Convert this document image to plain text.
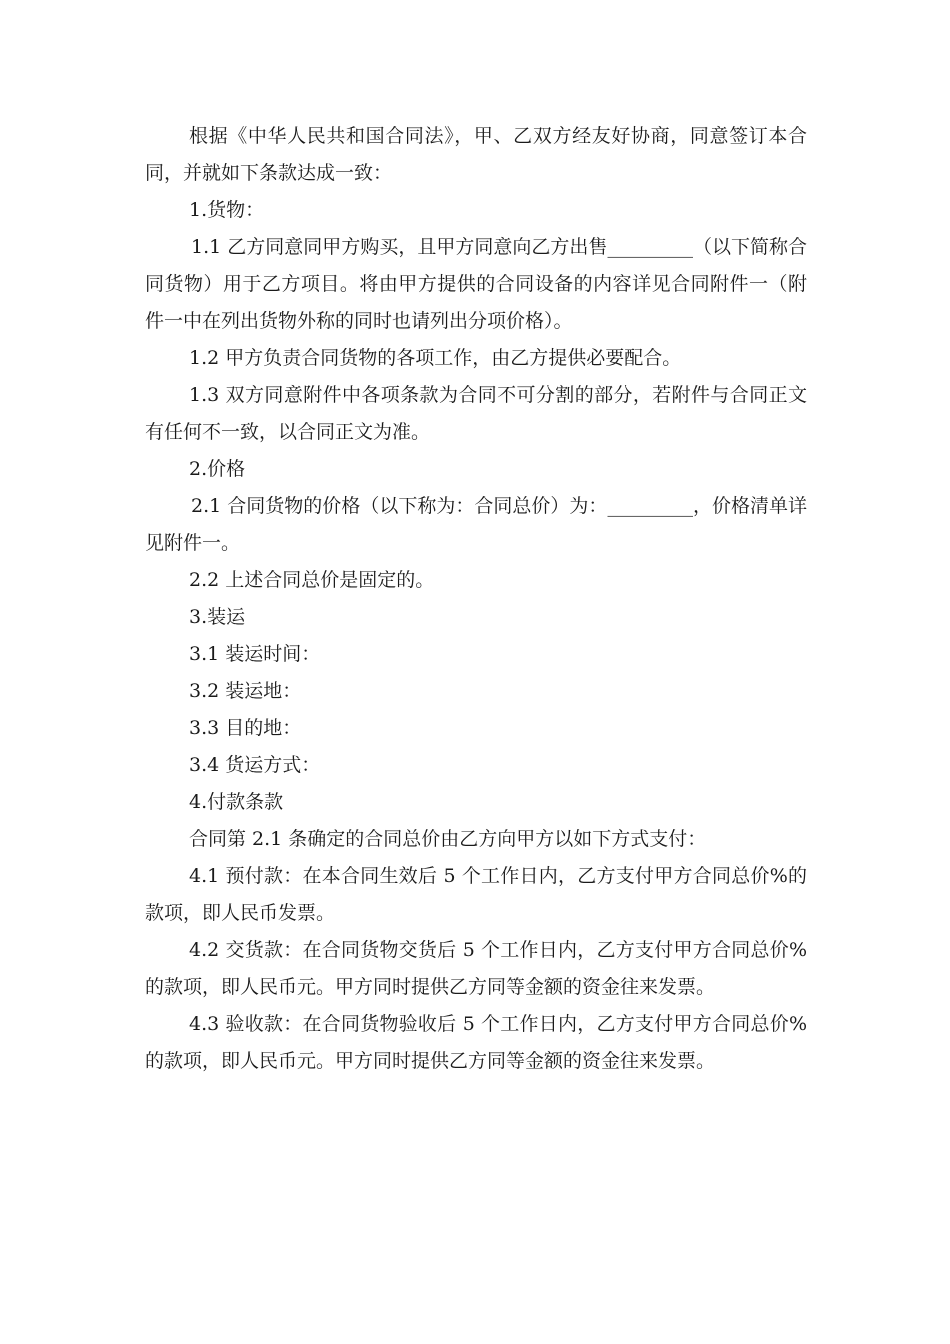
根据《中华人民共和国合同法》，甲、乙双方经友好协商，同意签订本合同，并就如下条款达成一致：

1.货物：

1.1 乙方同意同甲方购买，且甲方同意向乙方出售_________（以下简称合同货物）用于乙方项目。将由甲方提供的合同设备的内容详见合同附件一（附件一中在列出货物外称的同时也请列出分项价格）。

1.2 甲方负责合同货物的各项工作，由乙方提供必要配合。

1.3 双方同意附件中各项条款为合同不可分割的部分，若附件与合同正文有任何不一致，以合同正文为准。

2.价格

2.1 合同货物的价格（以下称为：合同总价）为：_________，价格清单详见附件一。

2.2 上述合同总价是固定的。

3.装运

3.1 装运时间：

3.2 装运地：

3.3 目的地：

3.4 货运方式：

4.付款条款

合同第 2.1 条确定的合同总价由乙方向甲方以如下方式支付：

4.1 预付款：在本合同生效后 5 个工作日内，乙方支付甲方合同总价%的款项，即人民币发票。

4.2 交货款：在合同货物交货后 5 个工作日内，乙方支付甲方合同总价%的款项，即人民币元。甲方同时提供乙方同等金额的资金往来发票。

4.3 验收款：在合同货物验收后 5 个工作日内，乙方支付甲方合同总价%的款项，即人民币元。甲方同时提供乙方同等金额的资金往来发票。
